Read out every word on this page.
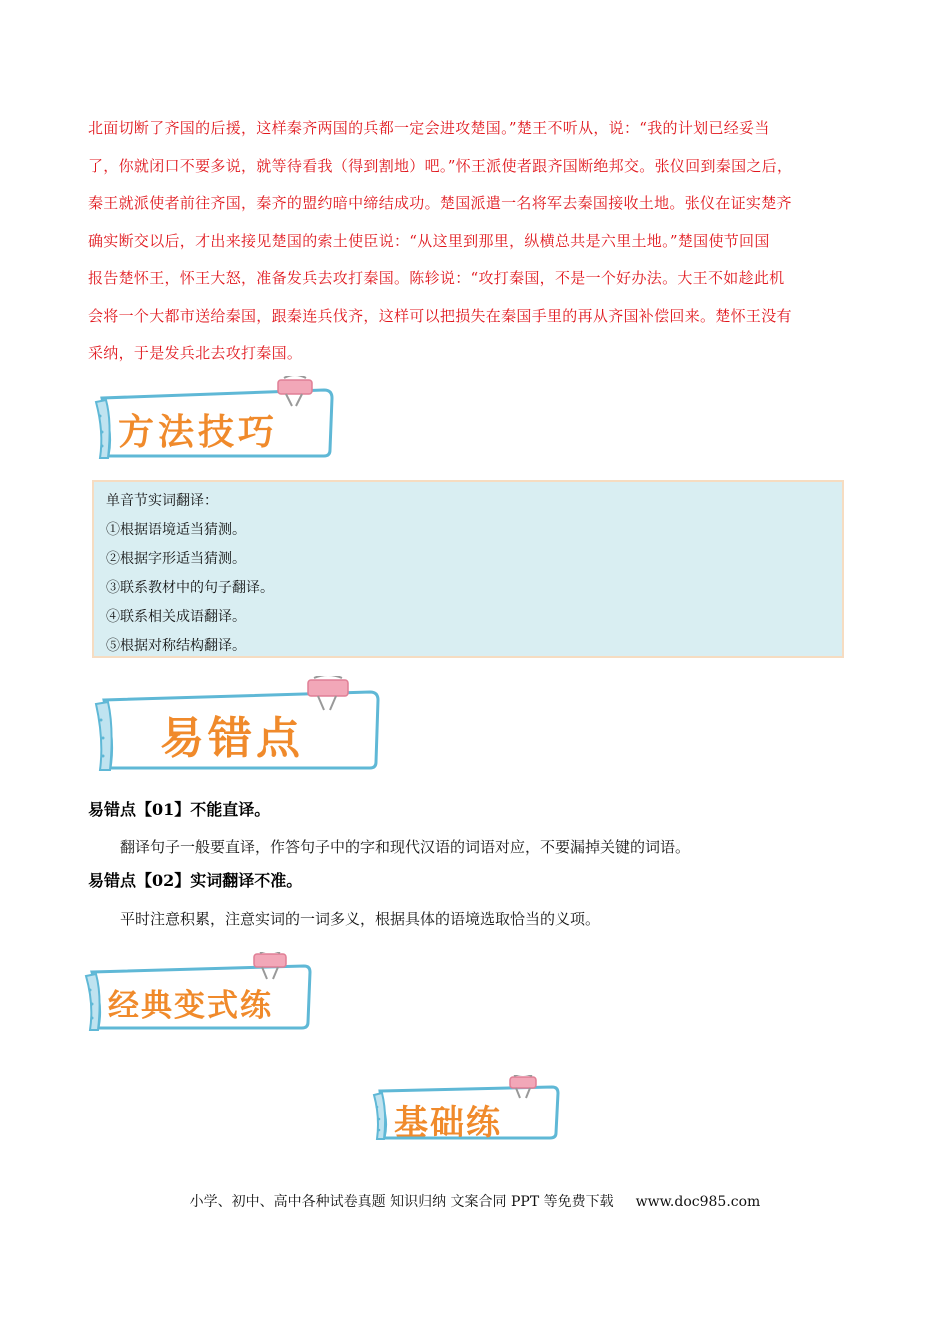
北面切断了齐国的后援，这样秦齐两国的兵都一定会进攻楚国。”楚王不听从，说：“我的计划已经妥当
了，你就闭口不要多说，就等待看我（得到割地）吧。”怀王派使者跟齐国断绝邦交。张仪回到秦国之后，
秦王就派使者前往齐国，秦齐的盟约暗中缔结成功。楚国派遣一名将军去秦国接收土地。张仪在证实楚齐
确实断交以后，才出来接见楚国的索土使臣说：“从这里到那里，纵横总共是六里土地。”楚国使节回国
报告楚怀王，怀王大怒，准备发兵去攻打秦国。陈轸说：“攻打秦国，不是一个好办法。大王不如趁此机
会将一个大都市送给秦国，跟秦连兵伐齐，这样可以把损失在秦国手里的再从齐国补偿回来。楚怀王没有
采纳，于是发兵北去攻打秦国。
方法技巧
单音节实词翻译：
①根据语境适当猜测。
②根据字形适当猜测。
③联系教材中的句子翻译。
④联系相关成语翻译。
⑤根据对称结构翻译。
易错点
易错点【01】不能直译。
翻译句子一般要直译，作答句子中的字和现代汉语的词语对应，不要漏掉关键的词语。
易错点【02】实词翻译不准。
平时注意积累，注意实词的一词多义，根据具体的语境选取恰当的义项。
经典变式练
基础练
小学、初中、高中各种试卷真题 知识归纳 文案合同 PPT 等免费下载 www.doc985.com
